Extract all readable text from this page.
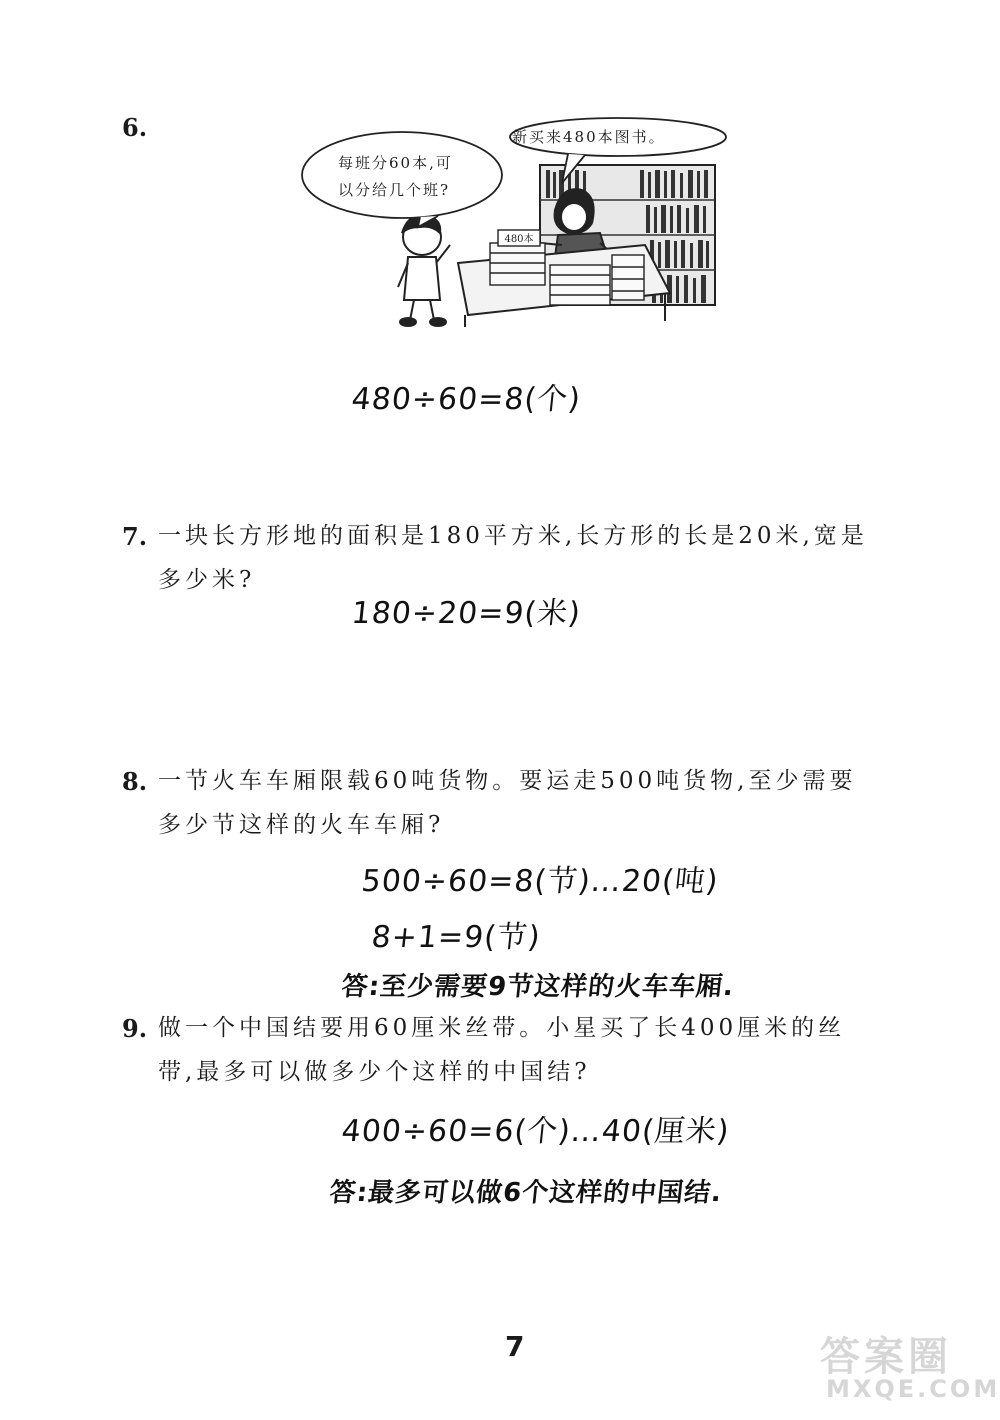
6.
480本
新买来480本图书。
每班分60本,可
以分给几个班?
480÷60=8(个)
7. 一块长方形地的面积是180平方米,长方形的长是20米,宽是
多少米?
180÷20=9(米)
8. 一节火车车厢限载60吨货物。要运走500吨货物,至少需要
多少节这样的火车车厢?
500÷60=8(节)…20(吨)
8+1=9(节)
答:至少需要9节这样的火车车厢.
9. 做一个中国结要用60厘米丝带。小星买了长400厘米的丝
带,最多可以做多少个这样的中国结?
400÷60=6(个)…40(厘米)
答:最多可以做6个这样的中国结.
7	答案圈
MXQE.COM
